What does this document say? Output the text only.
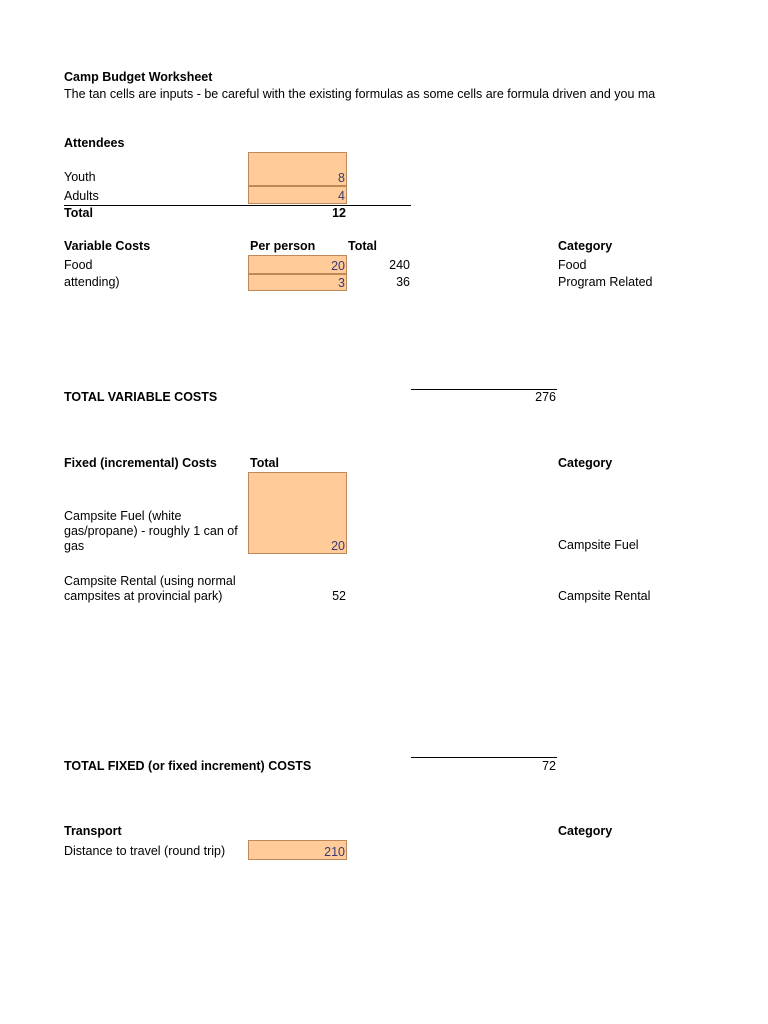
Camp Budget Worksheet
The tan cells are inputs - be careful with the existing formulas as some cells are formula driven and you ma
Attendees
Youth	8
Adults	4
Total	12
Variable Costs	Per person	Total	Category
Food	20	240	Food
attending)	3	36	Program Related
TOTAL VARIABLE COSTS	276
Fixed (incremental) Costs	Total	Category
Campsite Fuel (white gas/propane) - roughly 1 can of gas	20	Campsite Fuel
Campsite Rental (using normal campsites at provincial park)	52	Campsite Rental
TOTAL FIXED (or fixed increment) COSTS	72
Transport	Category
Distance to travel (round trip)	210
